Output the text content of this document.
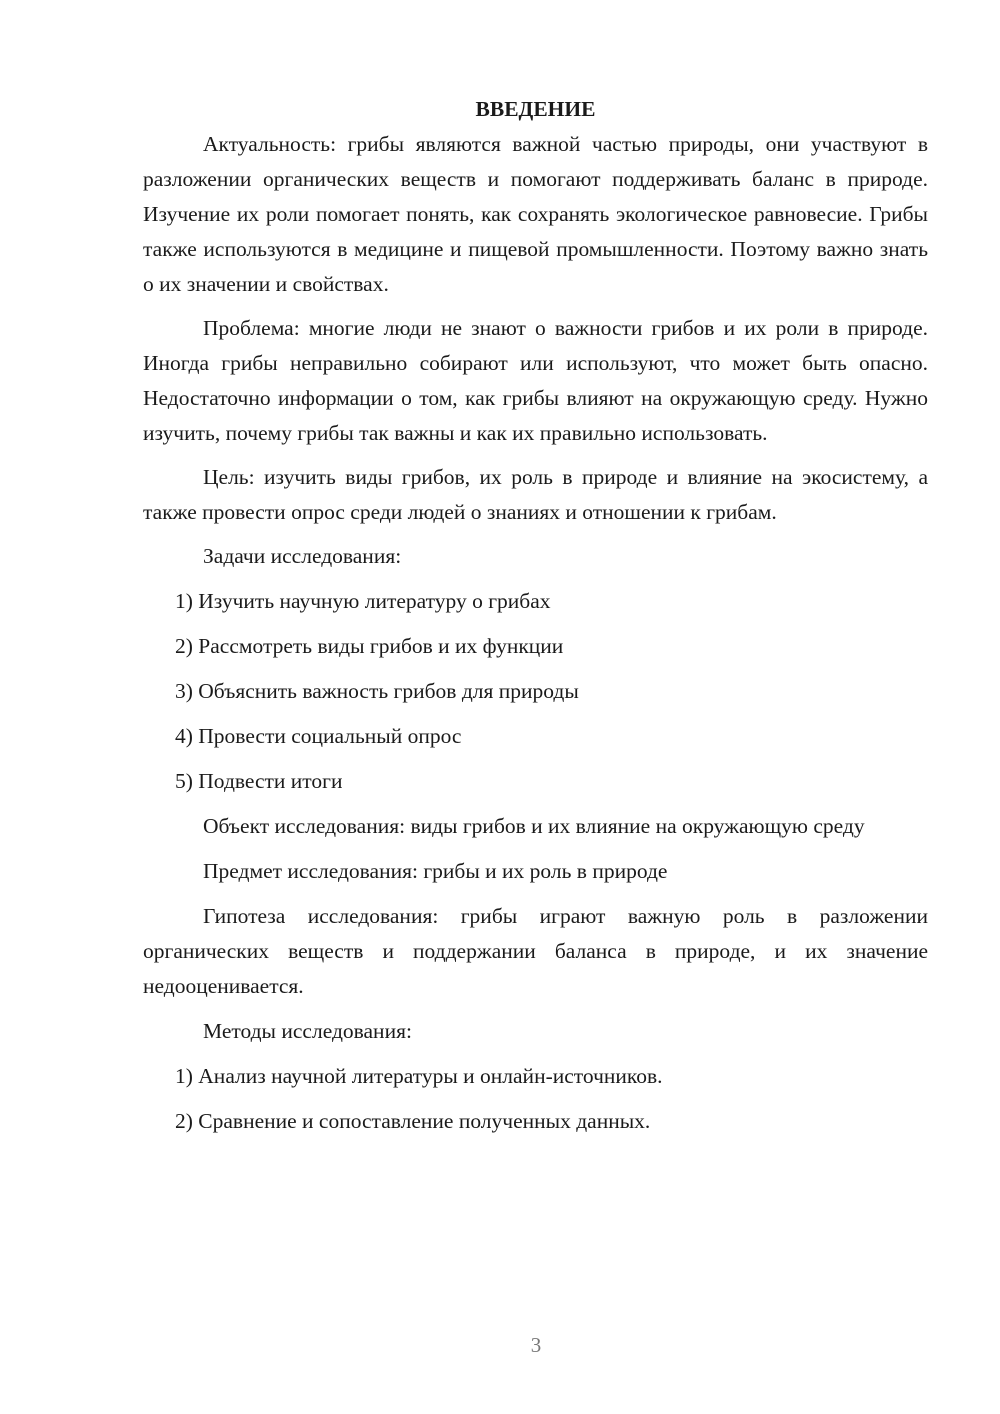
ВВЕДЕНИЕ

Актуальность: грибы являются важной частью природы, они участвуют в разложении органических веществ и помогают поддерживать баланс в природе. Изучение их роли помогает понять, как сохранять экологическое равновесие. Грибы также используются в медицине и пищевой промышленности. Поэтому важно знать о их значении и свойствах.

Проблема: многие люди не знают о важности грибов и их роли в природе. Иногда грибы неправильно собирают или используют, что может быть опасно. Недостаточно информации о том, как грибы влияют на окружающую среду. Нужно изучить, почему грибы так важны и как их правильно использовать.

Цель: изучить виды грибов, их роль в природе и влияние на экосистему, а также провести опрос среди людей о знаниях и отношении к грибам.

Задачи исследования:

1) Изучить научную литературу о грибах

2) Рассмотреть виды грибов и их функции

3) Объяснить важность грибов для природы

4) Провести социальный опрос

5) Подвести итоги

Объект исследования: виды грибов и их влияние на окружающую среду

Предмет исследования: грибы и их роль в природе

Гипотеза исследования: грибы играют важную роль в разложении органических веществ и поддержании баланса в природе, и их значение недооценивается.

Методы исследования:

1) Анализ научной литературы и онлайн-источников.

2) Сравнение и сопоставление полученных данных.

3
